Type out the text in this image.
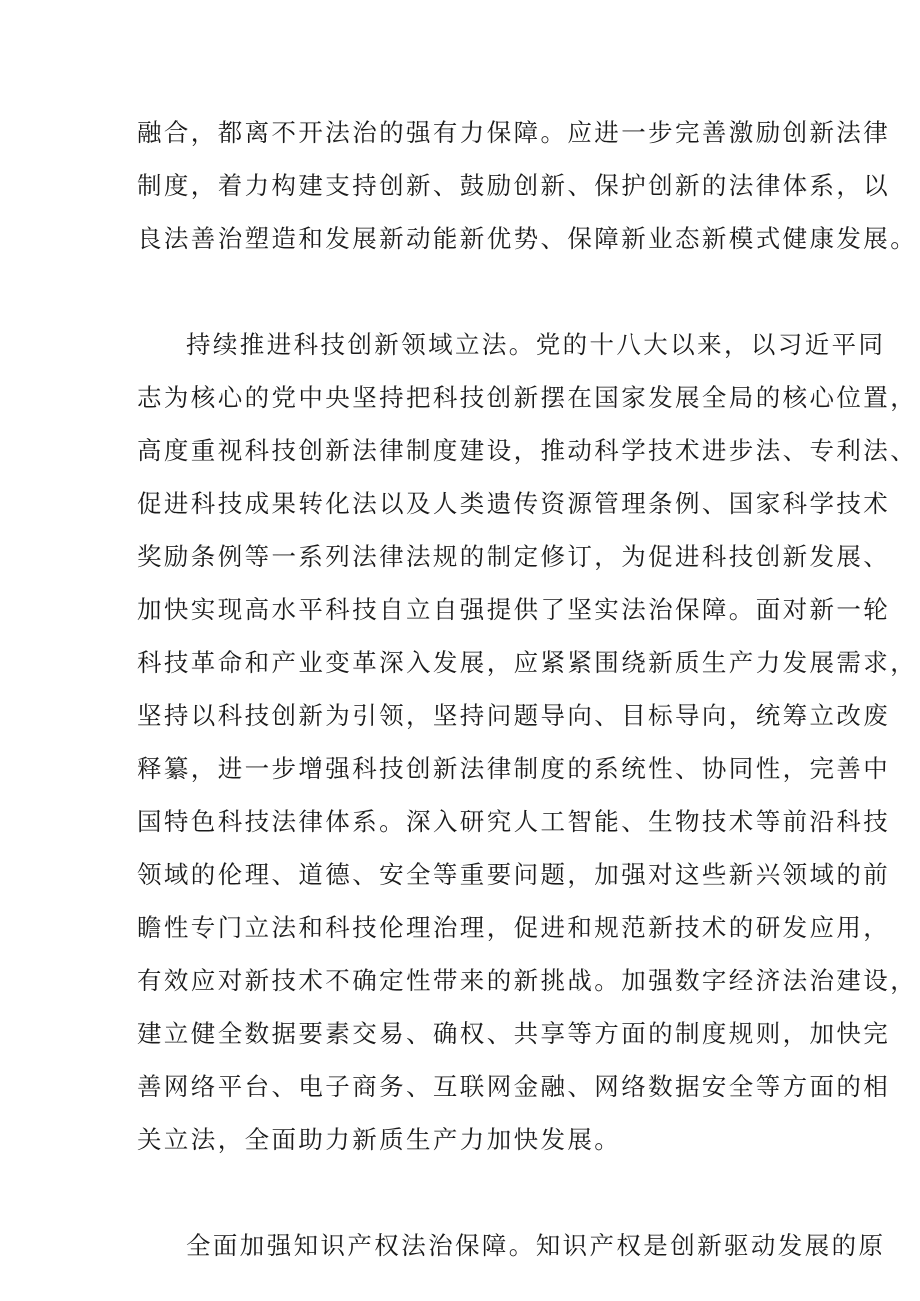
融合，都离不开法治的强有力保障。应进一步完善激励创新法律
制度，着力构建支持创新、鼓励创新、保护创新的法律体系，以
良法善治塑造和发展新动能新优势、保障新业态新模式健康发展。
持续推进科技创新领域立法。党的十八大以来，以习近平同
志为核心的党中央坚持把科技创新摆在国家发展全局的核心位置，
高度重视科技创新法律制度建设，推动科学技术进步法、专利法、
促进科技成果转化法以及人类遗传资源管理条例、国家科学技术
奖励条例等一系列法律法规的制定修订，为促进科技创新发展、
加快实现高水平科技自立自强提供了坚实法治保障。面对新一轮
科技革命和产业变革深入发展，应紧紧围绕新质生产力发展需求，
坚持以科技创新为引领，坚持问题导向、目标导向，统筹立改废
释纂，进一步增强科技创新法律制度的系统性、协同性，完善中
国特色科技法律体系。深入研究人工智能、生物技术等前沿科技
领域的伦理、道德、安全等重要问题，加强对这些新兴领域的前
瞻性专门立法和科技伦理治理，促进和规范新技术的研发应用，
有效应对新技术不确定性带来的新挑战。加强数字经济法治建设，
建立健全数据要素交易、确权、共享等方面的制度规则，加快完
善网络平台、电子商务、互联网金融、网络数据安全等方面的相
关立法，全面助力新质生产力加快发展。
全面加强知识产权法治保障。知识产权是创新驱动发展的原
